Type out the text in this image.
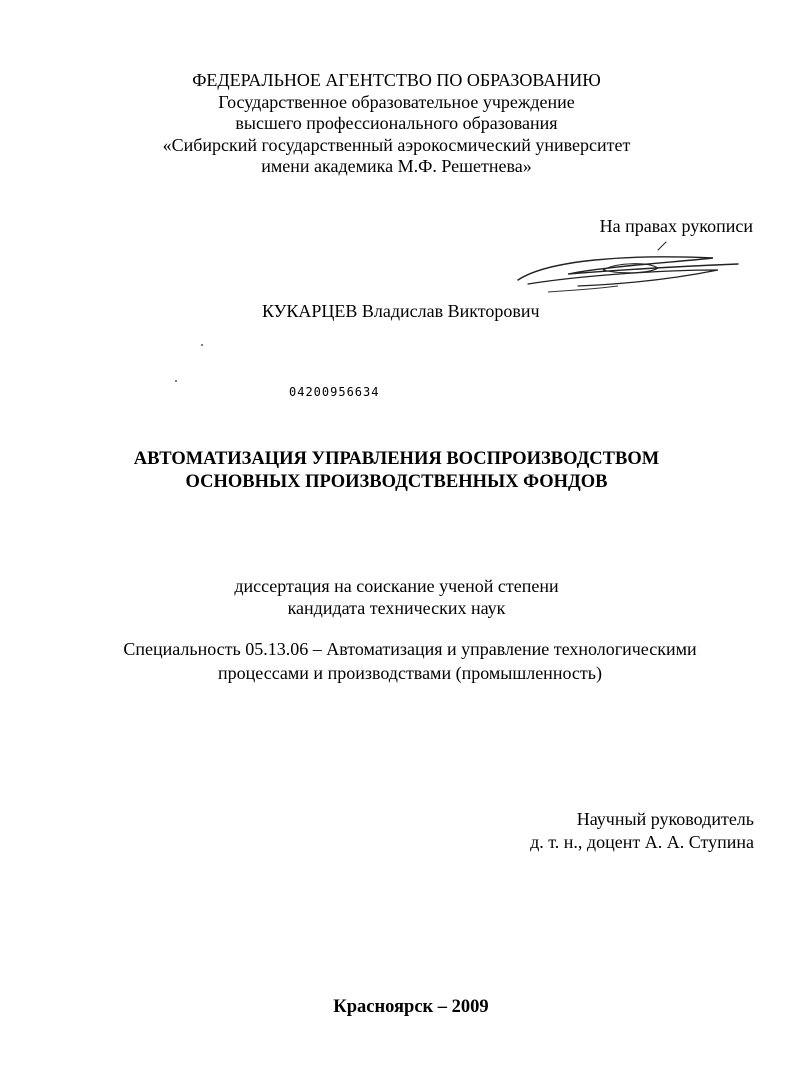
ФЕДЕРАЛЬНОЕ АГЕНТСТВО ПО ОБРАЗОВАНИЮ
Государственное образовательное учреждение
высшего профессионального образования
«Сибирский государственный аэрокосмический университет
имени академика М.Ф. Решетнева»
На правах рукописи
КУКАРЦЕВ Владислав Викторович
04200956634
АВТОМАТИЗАЦИЯ УПРАВЛЕНИЯ ВОСПРОИЗВОДСТВОМ
ОСНОВНЫХ ПРОИЗВОДСТВЕННЫХ ФОНДОВ
диссертация на соискание ученой степени
кандидата технических наук
Специальность 05.13.06 – Автоматизация и управление технологическими
процессами и производствами (промышленность)
Научный руководитель
д. т. н., доцент А. А. Ступина
Красноярск – 2009
